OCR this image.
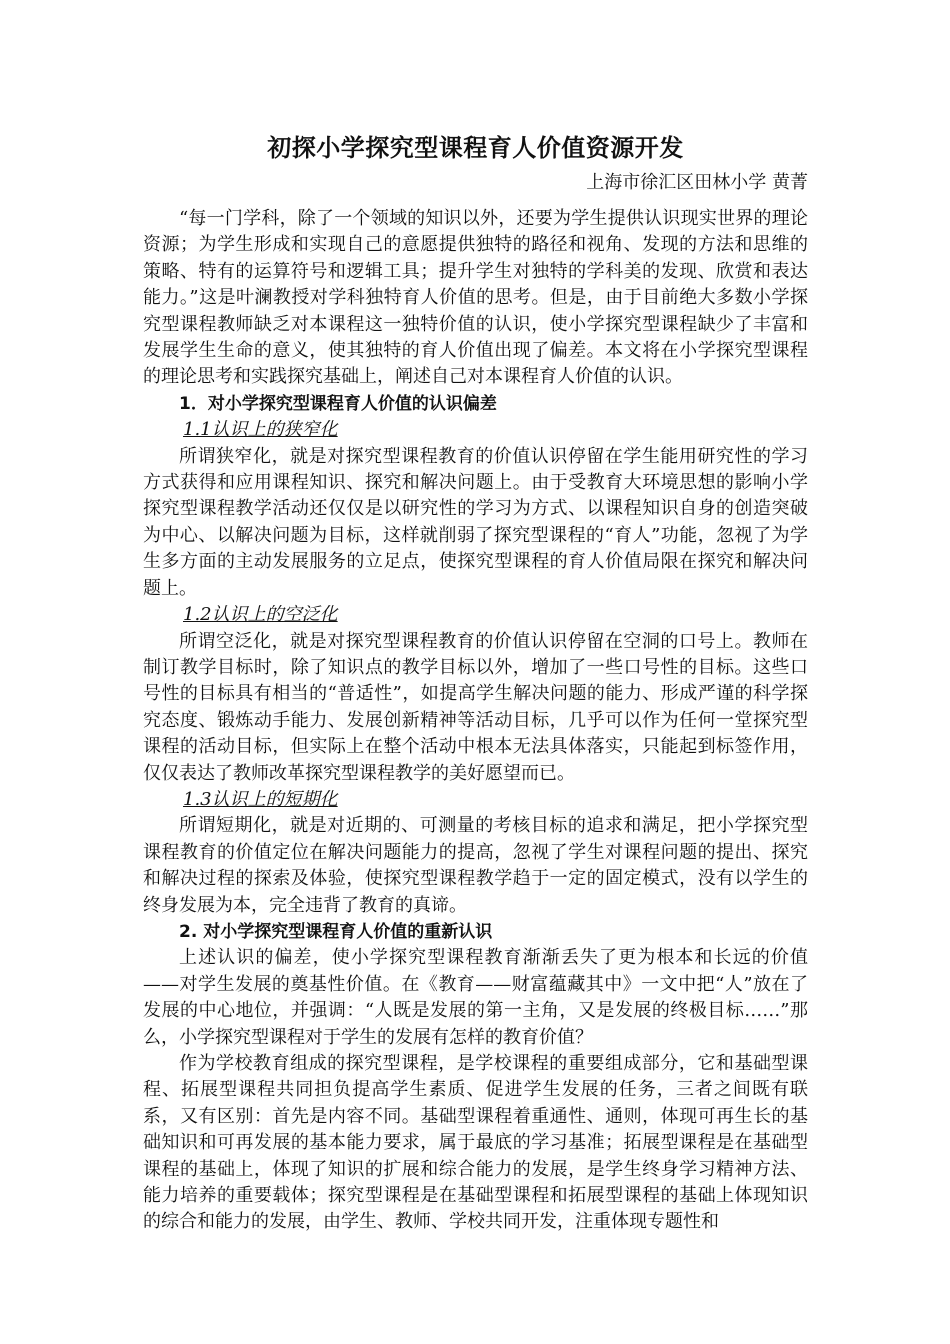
初探小学探究型课程育人价值资源开发
上海市徐汇区田林小学 黄菁

“每一门学科，除了一个领域的知识以外，还要为学生提供认识现实世界的理论资源；为学生形成和实现自己的意愿提供独特的路径和视角、发现的方法和思维的策略、特有的运算符号和逻辑工具；提升学生对独特的学科美的发现、欣赏和表达能力。”这是叶澜教授对学科独特育人价值的思考。但是，由于目前绝大多数小学探究型课程教师缺乏对本课程这一独特价值的认识，使小学探究型课程缺少了丰富和发展学生生命的意义，使其独特的育人价值出现了偏差。本文将在小学探究型课程的理论思考和实践探究基础上，阐述自己对本课程育人价值的认识。

1．对小学探究型课程育人价值的认识偏差
1.1认识上的狭窄化

所谓狭窄化，就是对探究型课程教育的价值认识停留在学生能用研究性的学习方式获得和应用课程知识、探究和解决问题上。由于受教育大环境思想的影响小学探究型课程教学活动还仅仅是以研究性的学习为方式、以课程知识自身的创造突破为中心、以解决问题为目标，这样就削弱了探究型课程的“育人”功能，忽视了为学生多方面的主动发展服务的立足点，使探究型课程的育人价值局限在探究和解决问题上。

1.2认识上的空泛化

所谓空泛化，就是对探究型课程教育的价值认识停留在空洞的口号上。教师在制订教学目标时，除了知识点的教学目标以外，增加了一些口号性的目标。这些口号性的目标具有相当的“普适性”，如提高学生解决问题的能力、形成严谨的科学探究态度、锻炼动手能力、发展创新精神等活动目标，几乎可以作为任何一堂探究型课程的活动目标，但实际上在整个活动中根本无法具体落实，只能起到标签作用，仅仅表达了教师改革探究型课程教学的美好愿望而已。

1.3认识上的短期化

所谓短期化，就是对近期的、可测量的考核目标的追求和满足，把小学探究型课程教育的价值定位在解决问题能力的提高，忽视了学生对课程问题的提出、探究和解决过程的探索及体验，使探究型课程教学趋于一定的固定模式，没有以学生的终身发展为本，完全违背了教育的真谛。

2. 对小学探究型课程育人价值的重新认识

上述认识的偏差，使小学探究型课程教育渐渐丢失了更为根本和长远的价值——对学生发展的奠基性价值。在《教育——财富蕴藏其中》一文中把“人”放在了发展的中心地位，并强调：“人既是发展的第一主角，又是发展的终极目标……”那么，小学探究型课程对于学生的发展有怎样的教育价值？

作为学校教育组成的探究型课程，是学校课程的重要组成部分，它和基础型课程、拓展型课程共同担负提高学生素质、促进学生发展的任务，三者之间既有联系，又有区别：首先是内容不同。基础型课程着重通性、通则，体现可再生长的基础知识和可再发展的基本能力要求，属于最底的学习基准；拓展型课程是在基础型课程的基础上，体现了知识的扩展和综合能力的发展，是学生终身学习精神方法、能力培养的重要载体；探究型课程是在基础型课程和拓展型课程的基础上体现知识的综合和能力的发展，由学生、教师、学校共同开发，注重体现专题性和
